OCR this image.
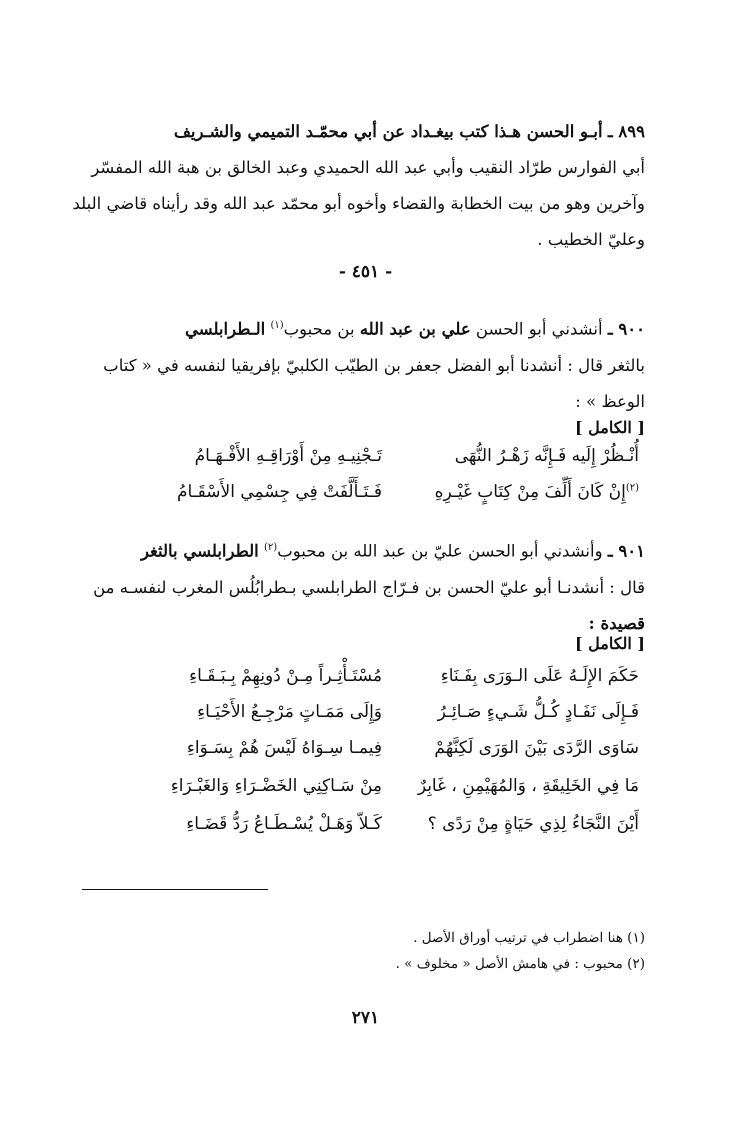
٨٩٩ ـ أبـو الحسن هـذا كتب بيغـداد عن أبي محمّـد التميمي والشـريف
أبي الفوارس طرّاد النقيب وأبي عبد الله الحميدي وعبد الخالق بن هبة الله المفسّر
وآخرين وهو من بيت الخطابة والقضاء وأخوه أبو محمّد عبد الله وقد رأيناه قاضي البلد
وعليّ الخطيب .
- ٤٥١ -
٩٠٠ ـ أنشدني أبو الحسن علي بن عبد الله بن محبوب$^{(١)}$ الـطرابلسي
بالثغر قال : أنشدنا أبو الفضل جعفر بن الطيّب الكلبيّ بإفريقيا لنفسه في « كتاب
الوعظ » :
[ الكامل ]
أُنْـظُرْ إِلَيه فَـإِنَّه زَهْـرُ النُّهَى
تَـجْنِيـهِ مِنْ أَوْرَاقِـهِ الأَفْـهَـامُ
$^{(٢)}$إِنْ كَانَ أَلِّفَ مِنْ كِتَابٍ غَيْـرِهِ
فَـتَـأَلَّفَتْ فِي جِسْمِي الأَسْقَـامُ
٩٠١ ـ وأنشدني أبو الحسن عليّ بن عبد الله بن محبوب$^{(٢)}$ الطرابلسي بالثغر
قال : أنشدنـا أبو عليّ الحسن بن فـرّاج الطرابلسي بـطرابُلُس المغرب لنفسـه من
قصيدة :
[ الكامل ]
حَكَمَ الإِلَـهُ عَلَى الـوَرَى بِفَـنَاءِ
مُسْتَـأْثِـراً مِـنْ دُونِهِمْ بِـبَـقَـاءِ
فَـإِلَى نَفَـادٍ كُـلُّ شَـيءٍ صَـائِـرُ
وَإِلَى مَمَـاتٍ مَرْجِـعُ الأَحْيَـاءِ
سَاوَى الرَّدَى بَيْنَ الوَرَى لَكِنَّهُمْ
فِيمـا سِـوَاهُ لَيْسَ هُمْ بِسَـوَاءِ
مَا فِي الخَلِيقَةِ ، وَالمُهَيْمِنِ ، غَابِرٌ
مِنْ سَـاكِنِي الخَضْـرَاءِ وَالغَبْـرَاءِ
أَيْنَ النَّجَاءُ لِذِي حَيَاةٍ مِنْ رَدًى ؟
كَـلاّ وَهَـلْ يُسْـطَـاعُ رَدُّ قَضَـاءِ
(١) هنا اضطراب في ترتيب أوراق الأصل .
(٢) محبوب : في هامش الأصل « مخلوف » .
٢٧١
